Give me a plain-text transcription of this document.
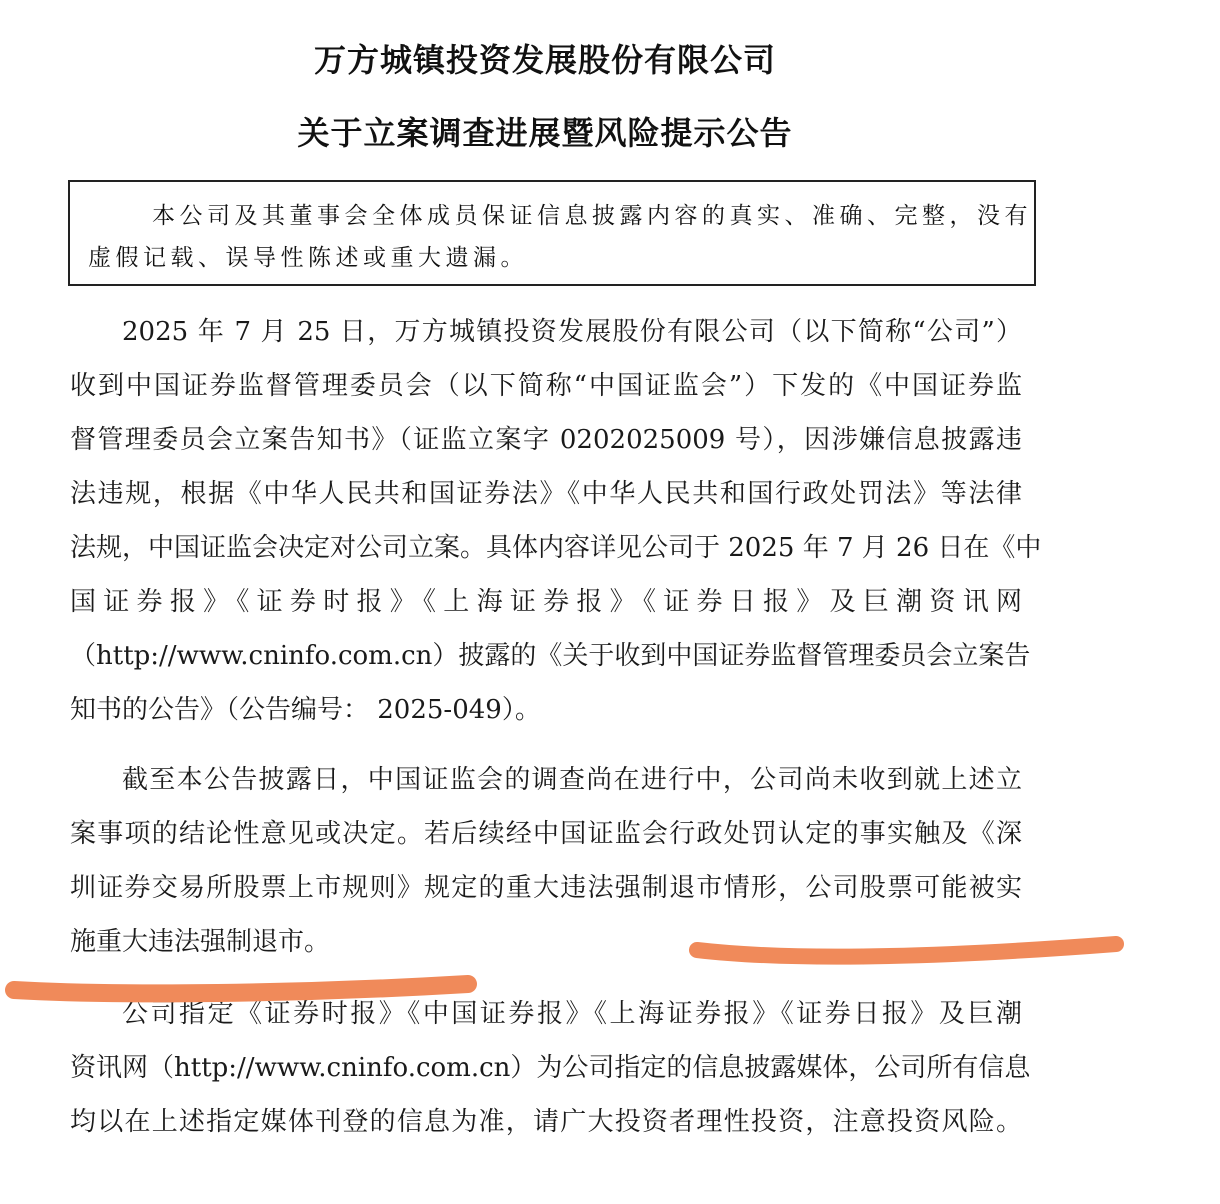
万方城镇投资发展股份有限公司
关于立案调查进展暨风险提示公告
本公司及其董事会全体成员保证信息披露内容的真实、准确、完整，没有
虚假记载、误导性陈述或重大遗漏。
2025 年 7 月 25 日，万方城镇投资发展股份有限公司（以下简称“公司”）
收到中国证券监督管理委员会（以下简称“中国证监会”）下发的《中国证券监
督管理委员会立案告知书》（证监立案字 0202025009 号），因涉嫌信息披露违
法违规，根据《中华人民共和国证券法》《中华人民共和国行政处罚法》等法律
法规，中国证监会决定对公司立案。具体内容详见公司于 2025 年 7 月 26 日在《中
国证券报》《证券时报》《上海证券报》《证券日报》及巨潮资讯网
（http://www.cninfo.com.cn）披露的《关于收到中国证券监督管理委员会立案告
知书的公告》（公告编号： 2025-049）。
截至本公告披露日，中国证监会的调查尚在进行中，公司尚未收到就上述立
案事项的结论性意见或决定。若后续经中国证监会行政处罚认定的事实触及《深
圳证券交易所股票上市规则》规定的重大违法强制退市情形，公司股票可能被实
施重大违法强制退市。
公司指定《证券时报》《中国证券报》《上海证券报》《证券日报》及巨潮
资讯网（http://www.cninfo.com.cn）为公司指定的信息披露媒体，公司所有信息
均以在上述指定媒体刊登的信息为准，请广大投资者理性投资，注意投资风险。
